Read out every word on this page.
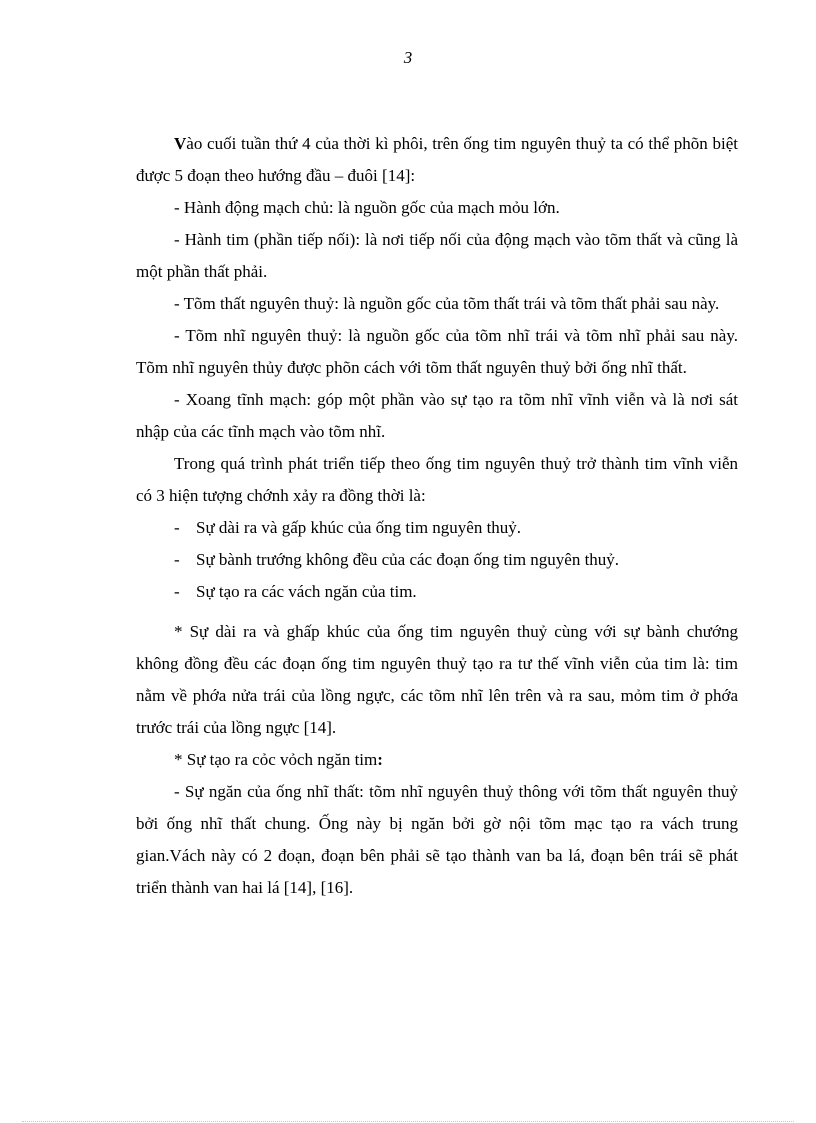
3

Vào cuối tuần thứ 4 của thời kì phôi, trên ống tim nguyên thuỷ ta có thể phõn biệt được 5 đoạn theo hướng đầu – đuôi [14]:

- Hành động mạch chủ: là nguồn gốc của mạch mỏu lớn.

- Hành tim (phần tiếp nối): là nơi tiếp nối của động mạch vào tõm thất và cũng là một phần thất phải.

- Tõm thất nguyên thuỷ: là nguồn gốc của tõm thất trái và tõm thất phải sau này.

- Tõm nhĩ nguyên thuỷ: là nguồn gốc của tõm nhĩ trái và tõm nhĩ phải sau này. Tõm nhĩ nguyên thủy được phõn cách với tõm thất nguyên thuỷ bởi ống nhĩ thất.

- Xoang tĩnh mạch: góp một phần vào sự tạo ra tõm nhĩ vĩnh viễn và là nơi sát nhập của các tĩnh mạch vào tõm nhĩ.

Trong quá trình phát triển tiếp theo ống tim nguyên thuỷ trở thành tim vĩnh viễn có 3 hiện tượng chớnh xảy ra đồng thời là:

- Sự dài ra và gấp khúc của ống tim nguyên thuỷ.

- Sự bành trướng không đều của các đoạn ống tim nguyên thuỷ.

- Sự tạo ra các vách ngăn của tim.

* Sự dài ra và ghấp khúc của ống tim nguyên thuỷ cùng với sự bành chướng không đồng đều các đoạn ống tim nguyên thuỷ tạo ra tư thế vĩnh viễn của tim là: tim nằm về phớa nửa trái của lồng ngực, các tõm nhĩ lên trên và ra sau, mỏm tim ở phớa trước trái của lồng ngực [14].

* Sự tạo ra cỏc vỏch ngăn tim:

- Sự ngăn của ống nhĩ thất: tõm nhĩ nguyên thuỷ thông với tõm thất nguyên thuỷ bởi ống nhĩ thất chung. Ống này bị ngăn bởi gờ nội tõm mạc tạo ra vách trung gian.Vách này có 2 đoạn, đoạn bên phải sẽ tạo thành van ba lá, đoạn bên trái sẽ phát triển thành van hai lá [14], [16].
